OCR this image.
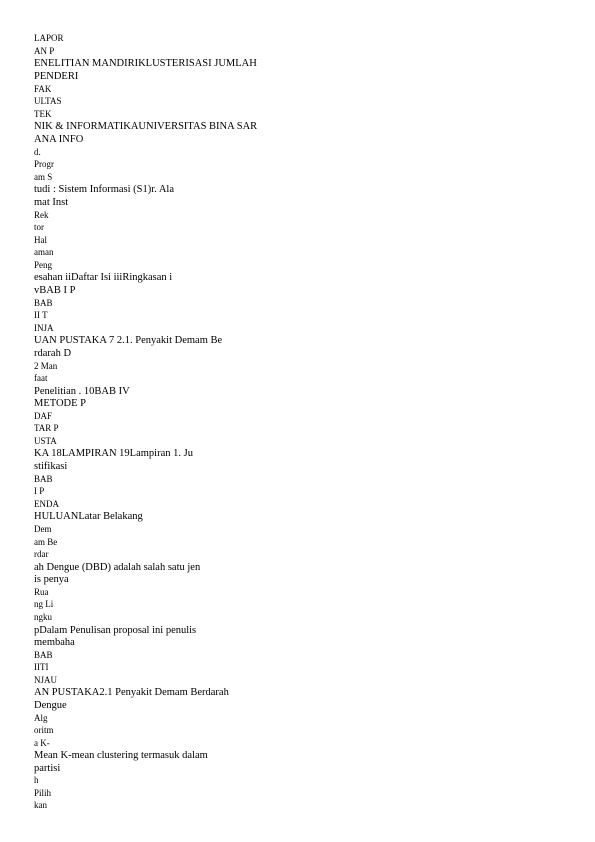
LAPOR
AN P
ENELITIAN MANDIRIKLUSTERISASI JUMLAH
PENDERI
FAK
ULTAS
TEK
NIK & INFORMATIKAUNIVERSITAS BINA SAR
ANA INFO
d.
Progr
am S
tudi : Sistem Informasi (S1)r. Ala
mat Inst
Rek
tor
Hal
aman
Peng
esahan iiDaftar Isi iiiRingkasan i
vBAB I P
BAB
II T
INJA
UAN PUSTAKA 7 2.1. Penyakit Demam Be
rdarah D
2 Man
faat
Penelitian . 10BAB IV
METODE P
DAF
TAR P
USTA
KA 18LAMPIRAN 19Lampiran 1. Ju
stifikasi
BAB
I P
ENDA
HULUANLatar Belakang
Dem
am Be
rdar
ah Dengue (DBD) adalah salah satu jen
is penya
Rua
ng Li
ngku
pDalam Penulisan proposal ini penulis
membaha
BAB
IITI
NJAU
AN PUSTAKA2.1 Penyakit Demam Berdarah
Dengue
Alg
oritm
a K-
Mean K-mean clustering termasuk dalam
partisi
h
Pilih
kan
